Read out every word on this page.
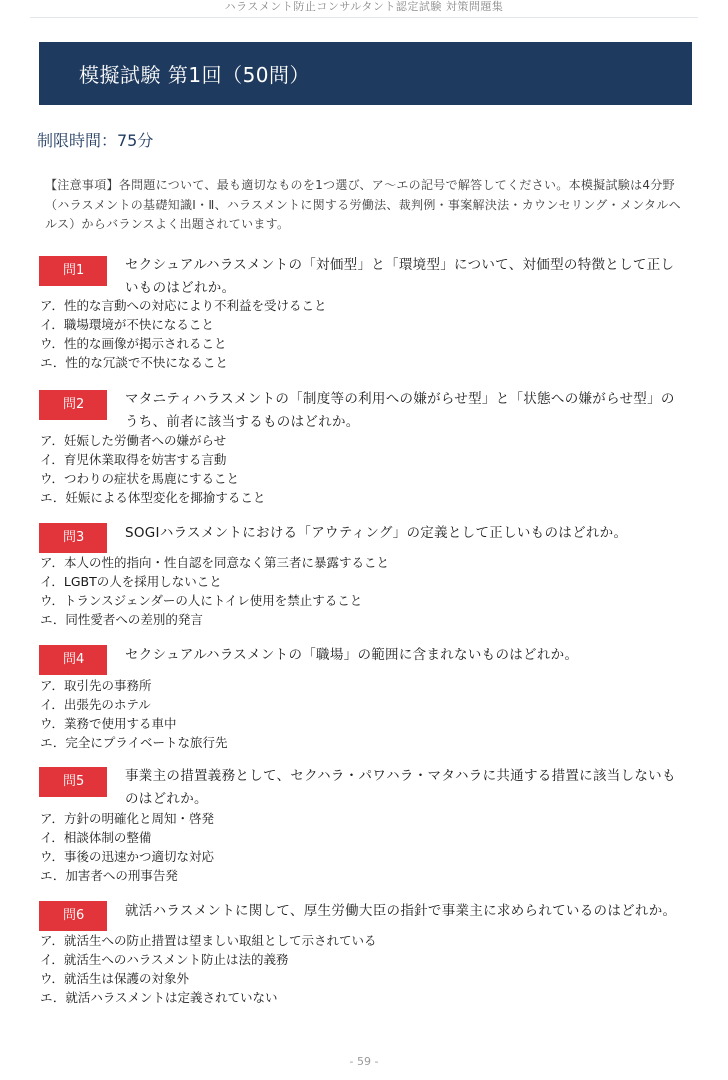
ハラスメント防止コンサルタント認定試験 対策問題集
模擬試験 第1回（50問）
制限時間：75分
【注意事項】各問題について、最も適切なものを1つ選び、ア～エの記号で解答してください。本模擬試験は4分野（ハラスメントの基礎知識Ⅰ・Ⅱ、ハラスメントに関する労働法、裁判例・事案解決法・カウンセリング・メンタルヘルス）からバランスよく出題されています。
問1	セクシュアルハラスメントの「対価型」と「環境型」について、対価型の特徴として正しいものはどれか。
ア．性的な言動への対応により不利益を受けること
イ．職場環境が不快になること
ウ．性的な画像が掲示されること
エ．性的な冗談で不快になること
問2	マタニティハラスメントの「制度等の利用への嫌がらせ型」と「状態への嫌がらせ型」のうち、前者に該当するものはどれか。
ア．妊娠した労働者への嫌がらせ
イ．育児休業取得を妨害する言動
ウ．つわりの症状を馬鹿にすること
エ．妊娠による体型変化を揶揄すること
問3	SOGIハラスメントにおける「アウティング」の定義として正しいものはどれか。
ア．本人の性的指向・性自認を同意なく第三者に暴露すること
イ．LGBTの人を採用しないこと
ウ．トランスジェンダーの人にトイレ使用を禁止すること
エ．同性愛者への差別的発言
問4	セクシュアルハラスメントの「職場」の範囲に含まれないものはどれか。
ア．取引先の事務所
イ．出張先のホテル
ウ．業務で使用する車中
エ．完全にプライベートな旅行先
問5	事業主の措置義務として、セクハラ・パワハラ・マタハラに共通する措置に該当しないものはどれか。
ア．方針の明確化と周知・啓発
イ．相談体制の整備
ウ．事後の迅速かつ適切な対応
エ．加害者への刑事告発
問6	就活ハラスメントに関して、厚生労働大臣の指針で事業主に求められているのはどれか。
ア．就活生への防止措置は望ましい取組として示されている
イ．就活生へのハラスメント防止は法的義務
ウ．就活生は保護の対象外
エ．就活ハラスメントは定義されていない
- 59 -
